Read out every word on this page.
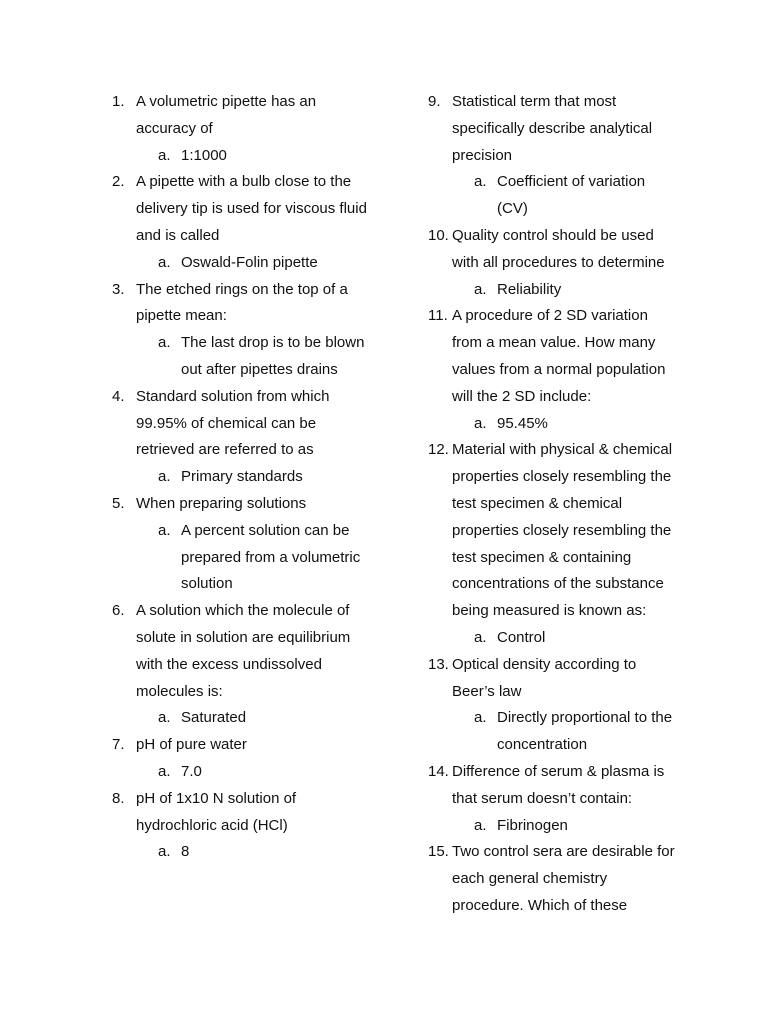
1. A volumetric pipette has an accuracy of
a. 1:1000
2. A pipette with a bulb close to the delivery tip is used for viscous fluid and is called
a. Oswald-Folin pipette
3. The etched rings on the top of a pipette mean:
a. The last drop is to be blown out after pipettes drains
4. Standard solution from which 99.95% of chemical can be retrieved are referred to as
a. Primary standards
5. When preparing solutions
a. A percent solution can be prepared from a volumetric solution
6. A solution which the molecule of solute in solution are equilibrium with the excess undissolved molecules is:
a. Saturated
7. pH of pure water
a. 7.0
8. pH of 1x10 N solution of hydrochloric acid (HCl)
a. 8
9. Statistical term that most specifically describe analytical precision
a. Coefficient of variation (CV)
10. Quality control should be used with all procedures to determine
a. Reliability
11. A procedure of 2 SD variation from a mean value. How many values from a normal population will the 2 SD include:
a. 95.45%
12. Material with physical & chemical properties closely resembling the test specimen & chemical properties closely resembling the test specimen & containing concentrations of the substance being measured is known as:
a. Control
13. Optical density according to Beer’s law
a. Directly proportional to the concentration
14. Difference of serum & plasma is that serum doesn’t contain:
a. Fibrinogen
15. Two control sera are desirable for each general chemistry procedure. Which of these
